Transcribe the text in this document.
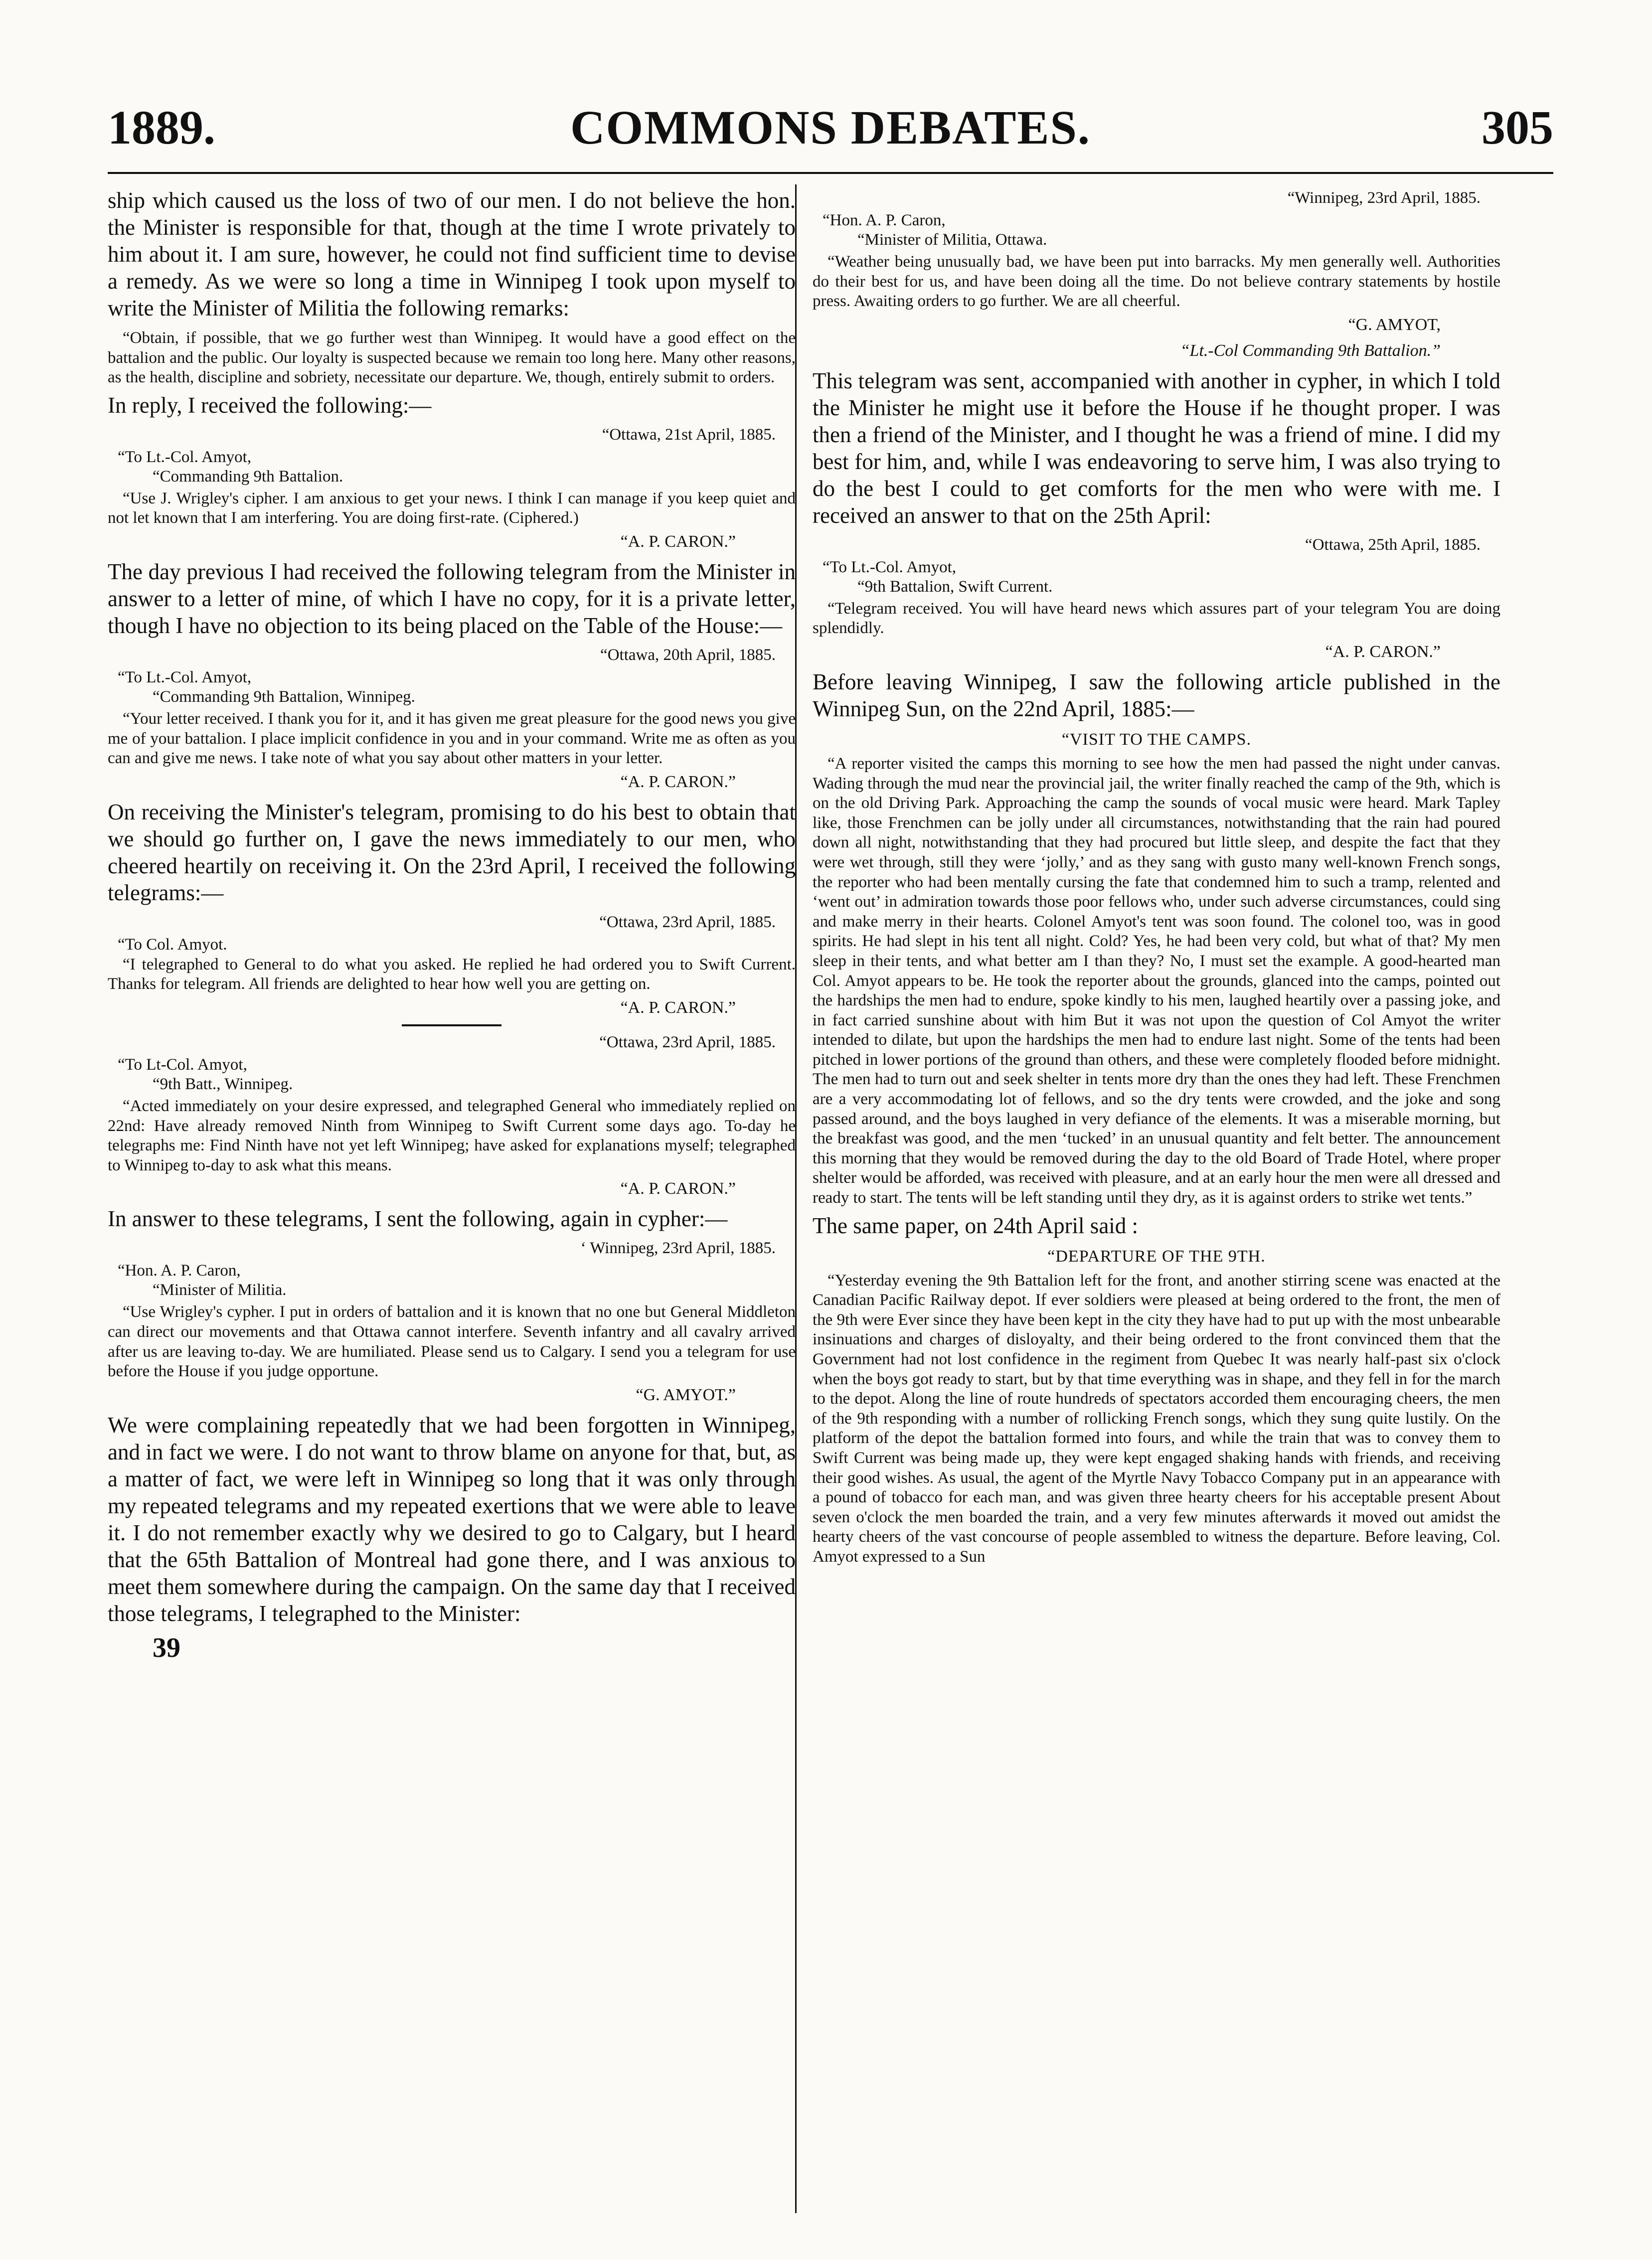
1889.	COMMONS DEBATES.	305

ship which caused us the loss of two of our men. I do not believe the hon. the Minister is responsible for that, though at the time I wrote privately to him about it. I am sure, however, he could not find sufficient time to devise a remedy. As we were so long a time in Winnipeg I took upon myself to write the Minister of Militia the following remarks:

“Obtain, if possible, that we go further west than Winnipeg. It would have a good effect on the battalion and the public. Our loyalty is suspected because we remain too long here. Many other reasons, as the health, discipline and sobriety, necessitate our departure. We, though, entirely submit to orders.

In reply, I received the following:—

“Ottawa, 21st April, 1885.
“To Lt.-Col. Amyot,
“Commanding 9th Battalion.

“Use J. Wrigley's cipher. I am anxious to get your news. I think I can manage if you keep quiet and not let known that I am interfering. You are doing first-rate. (Ciphered.)

“A. P. CARON.”

The day previous I had received the following telegram from the Minister in answer to a letter of mine, of which I have no copy, for it is a private letter, though I have no objection to its being placed on the Table of the House:—

“Ottawa, 20th April, 1885.
“To Lt.-Col. Amyot,
“Commanding 9th Battalion, Winnipeg.

“Your letter received. I thank you for it, and it has given me great pleasure for the good news you give me of your battalion. I place implicit confidence in you and in your command. Write me as often as you can and give me news. I take note of what you say about other matters in your letter.

“A. P. CARON.”

On receiving the Minister's telegram, promising to do his best to obtain that we should go further on, I gave the news immediately to our men, who cheered heartily on receiving it. On the 23rd April, I received the following telegrams:—

“Ottawa, 23rd April, 1885.
“To Col. Amyot.

“I telegraphed to General to do what you asked. He replied he had ordered you to Swift Current. Thanks for telegram. All friends are delighted to hear how well you are getting on.

“A. P. CARON.”
“Ottawa, 23rd April, 1885.
“To Lt-Col. Amyot,
“9th Batt., Winnipeg.

“Acted immediately on your desire expressed, and telegraphed General who immediately replied on 22nd: Have already removed Ninth from Winnipeg to Swift Current some days ago. To-day he telegraphs me: Find Ninth have not yet left Winnipeg; have asked for explanations myself; telegraphed to Winnipeg to-day to ask what this means.

“A. P. CARON.”

In answer to these telegrams, I sent the following, again in cypher:—

‘ Winnipeg, 23rd April, 1885.
“Hon. A. P. Caron,
“Minister of Militia.

“Use Wrigley's cypher. I put in orders of battalion and it is known that no one but General Middleton can direct our movements and that Ottawa cannot interfere. Seventh infantry and all cavalry arrived after us are leaving to-day. We are humiliated. Please send us to Calgary. I send you a telegram for use before the House if you judge opportune.

“G. AMYOT.”

We were complaining repeatedly that we had been forgotten in Winnipeg, and in fact we were. I do not want to throw blame on anyone for that, but, as a matter of fact, we were left in Winnipeg so long that it was only through my repeated telegrams and my repeated exertions that we were able to leave it. I do not remember exactly why we desired to go to Calgary, but I heard that the 65th Battalion of Montreal had gone there, and I was anxious to meet them somewhere during the campaign. On the same day that I received those telegrams, I telegraphed to the Minister:

39
“Winnipeg, 23rd April, 1885.
“Hon. A. P. Caron,
“Minister of Militia, Ottawa.

“Weather being unusually bad, we have been put into barracks. My men generally well. Authorities do their best for us, and have been doing all the time. Do not believe contrary statements by hostile press. Awaiting orders to go further. We are all cheerful.

“G. AMYOT,
“Lt.-Col Commanding 9th Battalion.”

This telegram was sent, accompanied with another in cypher, in which I told the Minister he might use it before the House if he thought proper. I was then a friend of the Minister, and I thought he was a friend of mine. I did my best for him, and, while I was endeavoring to serve him, I was also trying to do the best I could to get comforts for the men who were with me. I received an answer to that on the 25th April:

“Ottawa, 25th April, 1885.
“To Lt.-Col. Amyot,
“9th Battalion, Swift Current.

“Telegram received. You will have heard news which assures part of your telegram You are doing splendidly.

“A. P. CARON.”

Before leaving Winnipeg, I saw the following article published in the Winnipeg Sun, on the 22nd April, 1885:—

“VISIT TO THE CAMPS.

“A reporter visited the camps this morning to see how the men had passed the night under canvas. Wading through the mud near the provincial jail, the writer finally reached the camp of the 9th, which is on the old Driving Park. Approaching the camp the sounds of vocal music were heard. Mark Tapley like, those Frenchmen can be jolly under all circumstances, notwithstanding that the rain had poured down all night, notwithstanding that they had procured but little sleep, and despite the fact that they were wet through, still they were ‘jolly,’ and as they sang with gusto many well-known French songs, the reporter who had been mentally cursing the fate that condemned him to such a tramp, relented and ‘went out’ in admiration towards those poor fellows who, under such adverse circumstances, could sing and make merry in their hearts. Colonel Amyot's tent was soon found. The colonel too, was in good spirits. He had slept in his tent all night. Cold? Yes, he had been very cold, but what of that? My men sleep in their tents, and what better am I than they? No, I must set the example. A good-hearted man Col. Amyot appears to be. He took the reporter about the grounds, glanced into the camps, pointed out the hardships the men had to endure, spoke kindly to his men, laughed heartily over a passing joke, and in fact carried sunshine about with him But it was not upon the question of Col Amyot the writer intended to dilate, but upon the hardships the men had to endure last night. Some of the tents had been pitched in lower portions of the ground than others, and these were completely flooded before midnight. The men had to turn out and seek shelter in tents more dry than the ones they had left. These Frenchmen are a very accommodating lot of fellows, and so the dry tents were crowded, and the joke and song passed around, and the boys laughed in very defiance of the elements. It was a miserable morning, but the breakfast was good, and the men ‘tucked’ in an unusual quantity and felt better. The announcement this morning that they would be removed during the day to the old Board of Trade Hotel, where proper shelter would be afforded, was received with pleasure, and at an early hour the men were all dressed and ready to start. The tents will be left standing until they dry, as it is against orders to strike wet tents.”

The same paper, on 24th April said :

“DEPARTURE OF THE 9TH.

“Yesterday evening the 9th Battalion left for the front, and another stirring scene was enacted at the Canadian Pacific Railway depot. If ever soldiers were pleased at being ordered to the front, the men of the 9th were Ever since they have been kept in the city they have had to put up with the most unbearable insinuations and charges of disloyalty, and their being ordered to the front convinced them that the Government had not lost confidence in the regiment from Quebec It was nearly half-past six o'clock when the boys got ready to start, but by that time everything was in shape, and they fell in for the march to the depot. Along the line of route hundreds of spectators accorded them encouraging cheers, the men of the 9th responding with a number of rollicking French songs, which they sung quite lustily. On the platform of the depot the battalion formed into fours, and while the train that was to convey them to Swift Current was being made up, they were kept engaged shaking hands with friends, and receiving their good wishes. As usual, the agent of the Myrtle Navy Tobacco Company put in an appearance with a pound of tobacco for each man, and was given three hearty cheers for his acceptable present About seven o'clock the men boarded the train, and a very few minutes afterwards it moved out amidst the hearty cheers of the vast concourse of people assembled to witness the departure. Before leaving, Col. Amyot expressed to a Sun
